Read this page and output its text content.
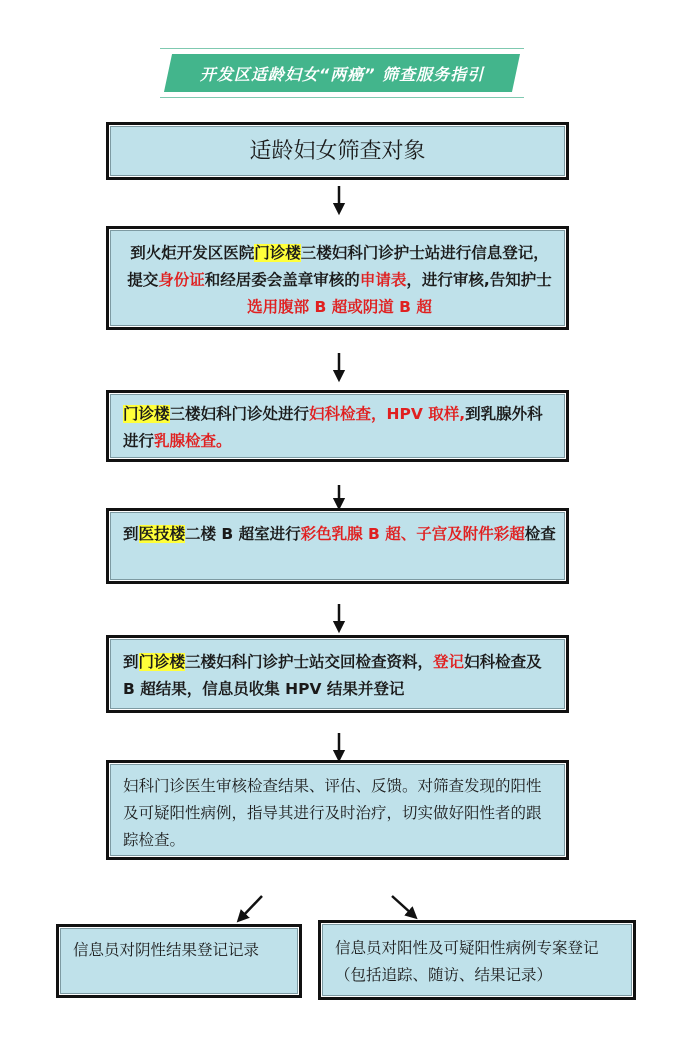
开发区适龄妇女“两癌” 筛查服务指引
适龄妇女筛查对象
到火炬开发区医院门诊楼三楼妇科门诊护士站进行信息登记，提交身份证和经居委会盖章审核的申请表，进行审核,告知护士选用腹部 B 超或阴道 B 超
门诊楼三楼妇科门诊处进行妇科检查，HPV 取样,到乳腺外科进行乳腺检查。
到医技楼二楼 B 超室进行彩色乳腺 B 超、子宫及附件彩超检查
到门诊楼三楼妇科门诊护士站交回检查资料，登记妇科检查及 B 超结果，信息员收集 HPV 结果并登记
妇科门诊医生审核检查结果、评估、反馈。对筛查发现的阳性及可疑阳性病例，指导其进行及时治疗，切实做好阳性者的跟踪检查。
信息员对阴性结果登记记录	信息员对阳性及可疑阳性病例专案登记（包括追踪、随访、结果记录）
